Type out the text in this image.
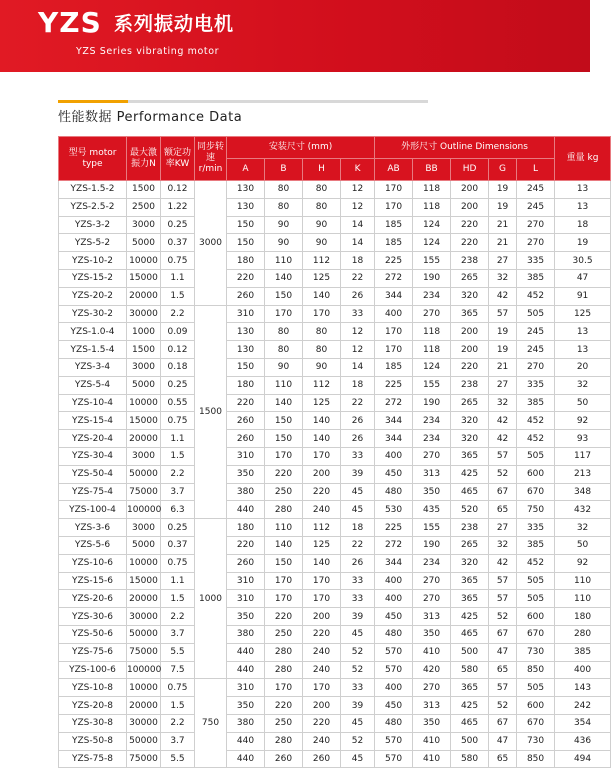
YZS 系列振动电机
YZS Series vibrating motor
性能数据 Performance Data
型号 motor type	最大激振力N	额定功率KW	同步转速r/min	安装尺寸 (mm)				外形尺寸 Outline Dimensions					重量 kg
				A	B	H	K	AB	BB	HD	G	L	
YZS-1.5-2	1500	0.12	3000	130	80	80	12	170	118	200	19	245	13
YZS-2.5-2	2500	1.22		130	80	80	12	170	118	200	19	245	13
YZS-3-2	3000	0.25		150	90	90	14	185	124	220	21	270	18
YZS-5-2	5000	0.37		150	90	90	14	185	124	220	21	270	19
YZS-10-2	10000	0.75		180	110	112	18	225	155	238	27	335	30.5
YZS-15-2	15000	1.1		220	140	125	22	272	190	265	32	385	47
YZS-20-2	20000	1.5		260	150	140	26	344	234	320	42	452	91
YZS-30-2	30000	2.2	1500	310	170	170	33	400	270	365	57	505	125
YZS-1.0-4	1000	0.09		130	80	80	12	170	118	200	19	245	13
YZS-1.5-4	1500	0.12		130	80	80	12	170	118	200	19	245	13
YZS-3-4	3000	0.18		150	90	90	14	185	124	220	21	270	20
YZS-5-4	5000	0.25		180	110	112	18	225	155	238	27	335	32
YZS-10-4	10000	0.55		220	140	125	22	272	190	265	32	385	50
YZS-15-4	15000	0.75		260	150	140	26	344	234	320	42	452	92
YZS-20-4	20000	1.1		260	150	140	26	344	234	320	42	452	93
YZS-30-4	3000	1.5		310	170	170	33	400	270	365	57	505	117
YZS-50-4	50000	2.2		350	220	200	39	450	313	425	52	600	213
YZS-75-4	75000	3.7		380	250	220	45	480	350	465	67	670	348
YZS-100-4	100000	6.3		440	280	240	45	530	435	520	65	750	432
YZS-3-6	3000	0.25	1000	180	110	112	18	225	155	238	27	335	32
YZS-5-6	5000	0.37		220	140	125	22	272	190	265	32	385	50
YZS-10-6	10000	0.75		260	150	140	26	344	234	320	42	452	92
YZS-15-6	15000	1.1		310	170	170	33	400	270	365	57	505	110
YZS-20-6	20000	1.5		310	170	170	33	400	270	365	57	505	110
YZS-30-6	30000	2.2		350	220	200	39	450	313	425	52	600	180
YZS-50-6	50000	3.7		380	250	220	45	480	350	465	67	670	280
YZS-75-6	75000	5.5		440	280	240	52	570	410	500	47	730	385
YZS-100-6	100000	7.5		440	280	240	52	570	420	580	65	850	400
YZS-10-8	10000	0.75	750	310	170	170	33	400	270	365	57	505	143
YZS-20-8	20000	1.5		350	220	200	39	450	313	425	52	600	242
YZS-30-8	30000	2.2		380	250	220	45	480	350	465	67	670	354
YZS-50-8	50000	3.7		440	280	240	52	570	410	500	47	730	436
YZS-75-8	75000	5.5		440	260	260	45	570	410	580	65	850	494
